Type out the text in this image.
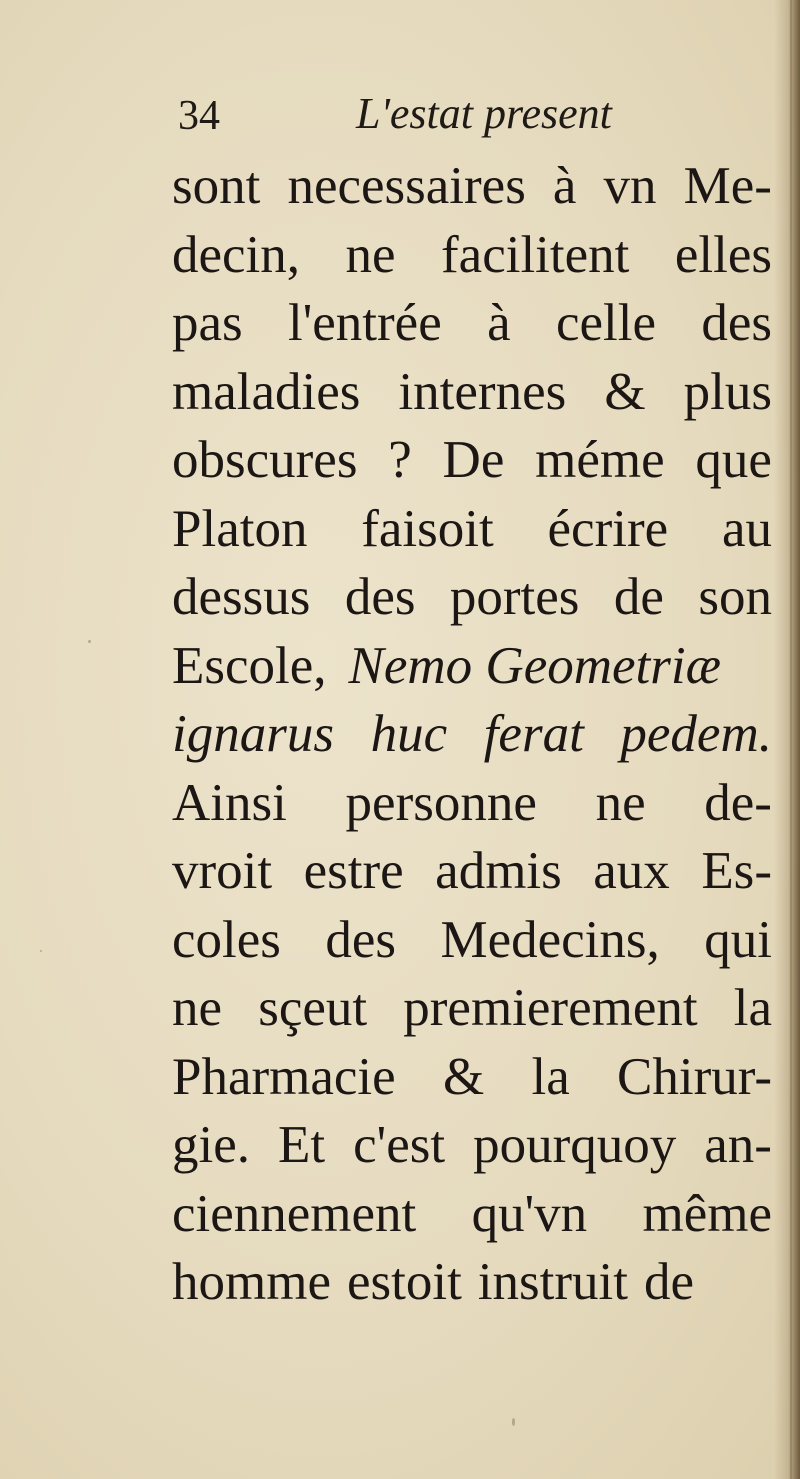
34	L'estat present
sont necessaires à vn Me-
decin, ne facilitent elles
pas l'entrée à celle des
maladies internes & plus
obscures ? De méme que
Platon faisoit écrire au
dessus des portes de son
Escole, Nemo Geometriæ
ignarus huc ferat pedem.
Ainsi personne ne de-
vroit estre admis aux Es-
coles des Medecins, qui
ne sçeut premierement la
Pharmacie & la Chirur-
gie. Et c'est pourquoy an-
ciennement qu'vn même
homme estoit instruit de
